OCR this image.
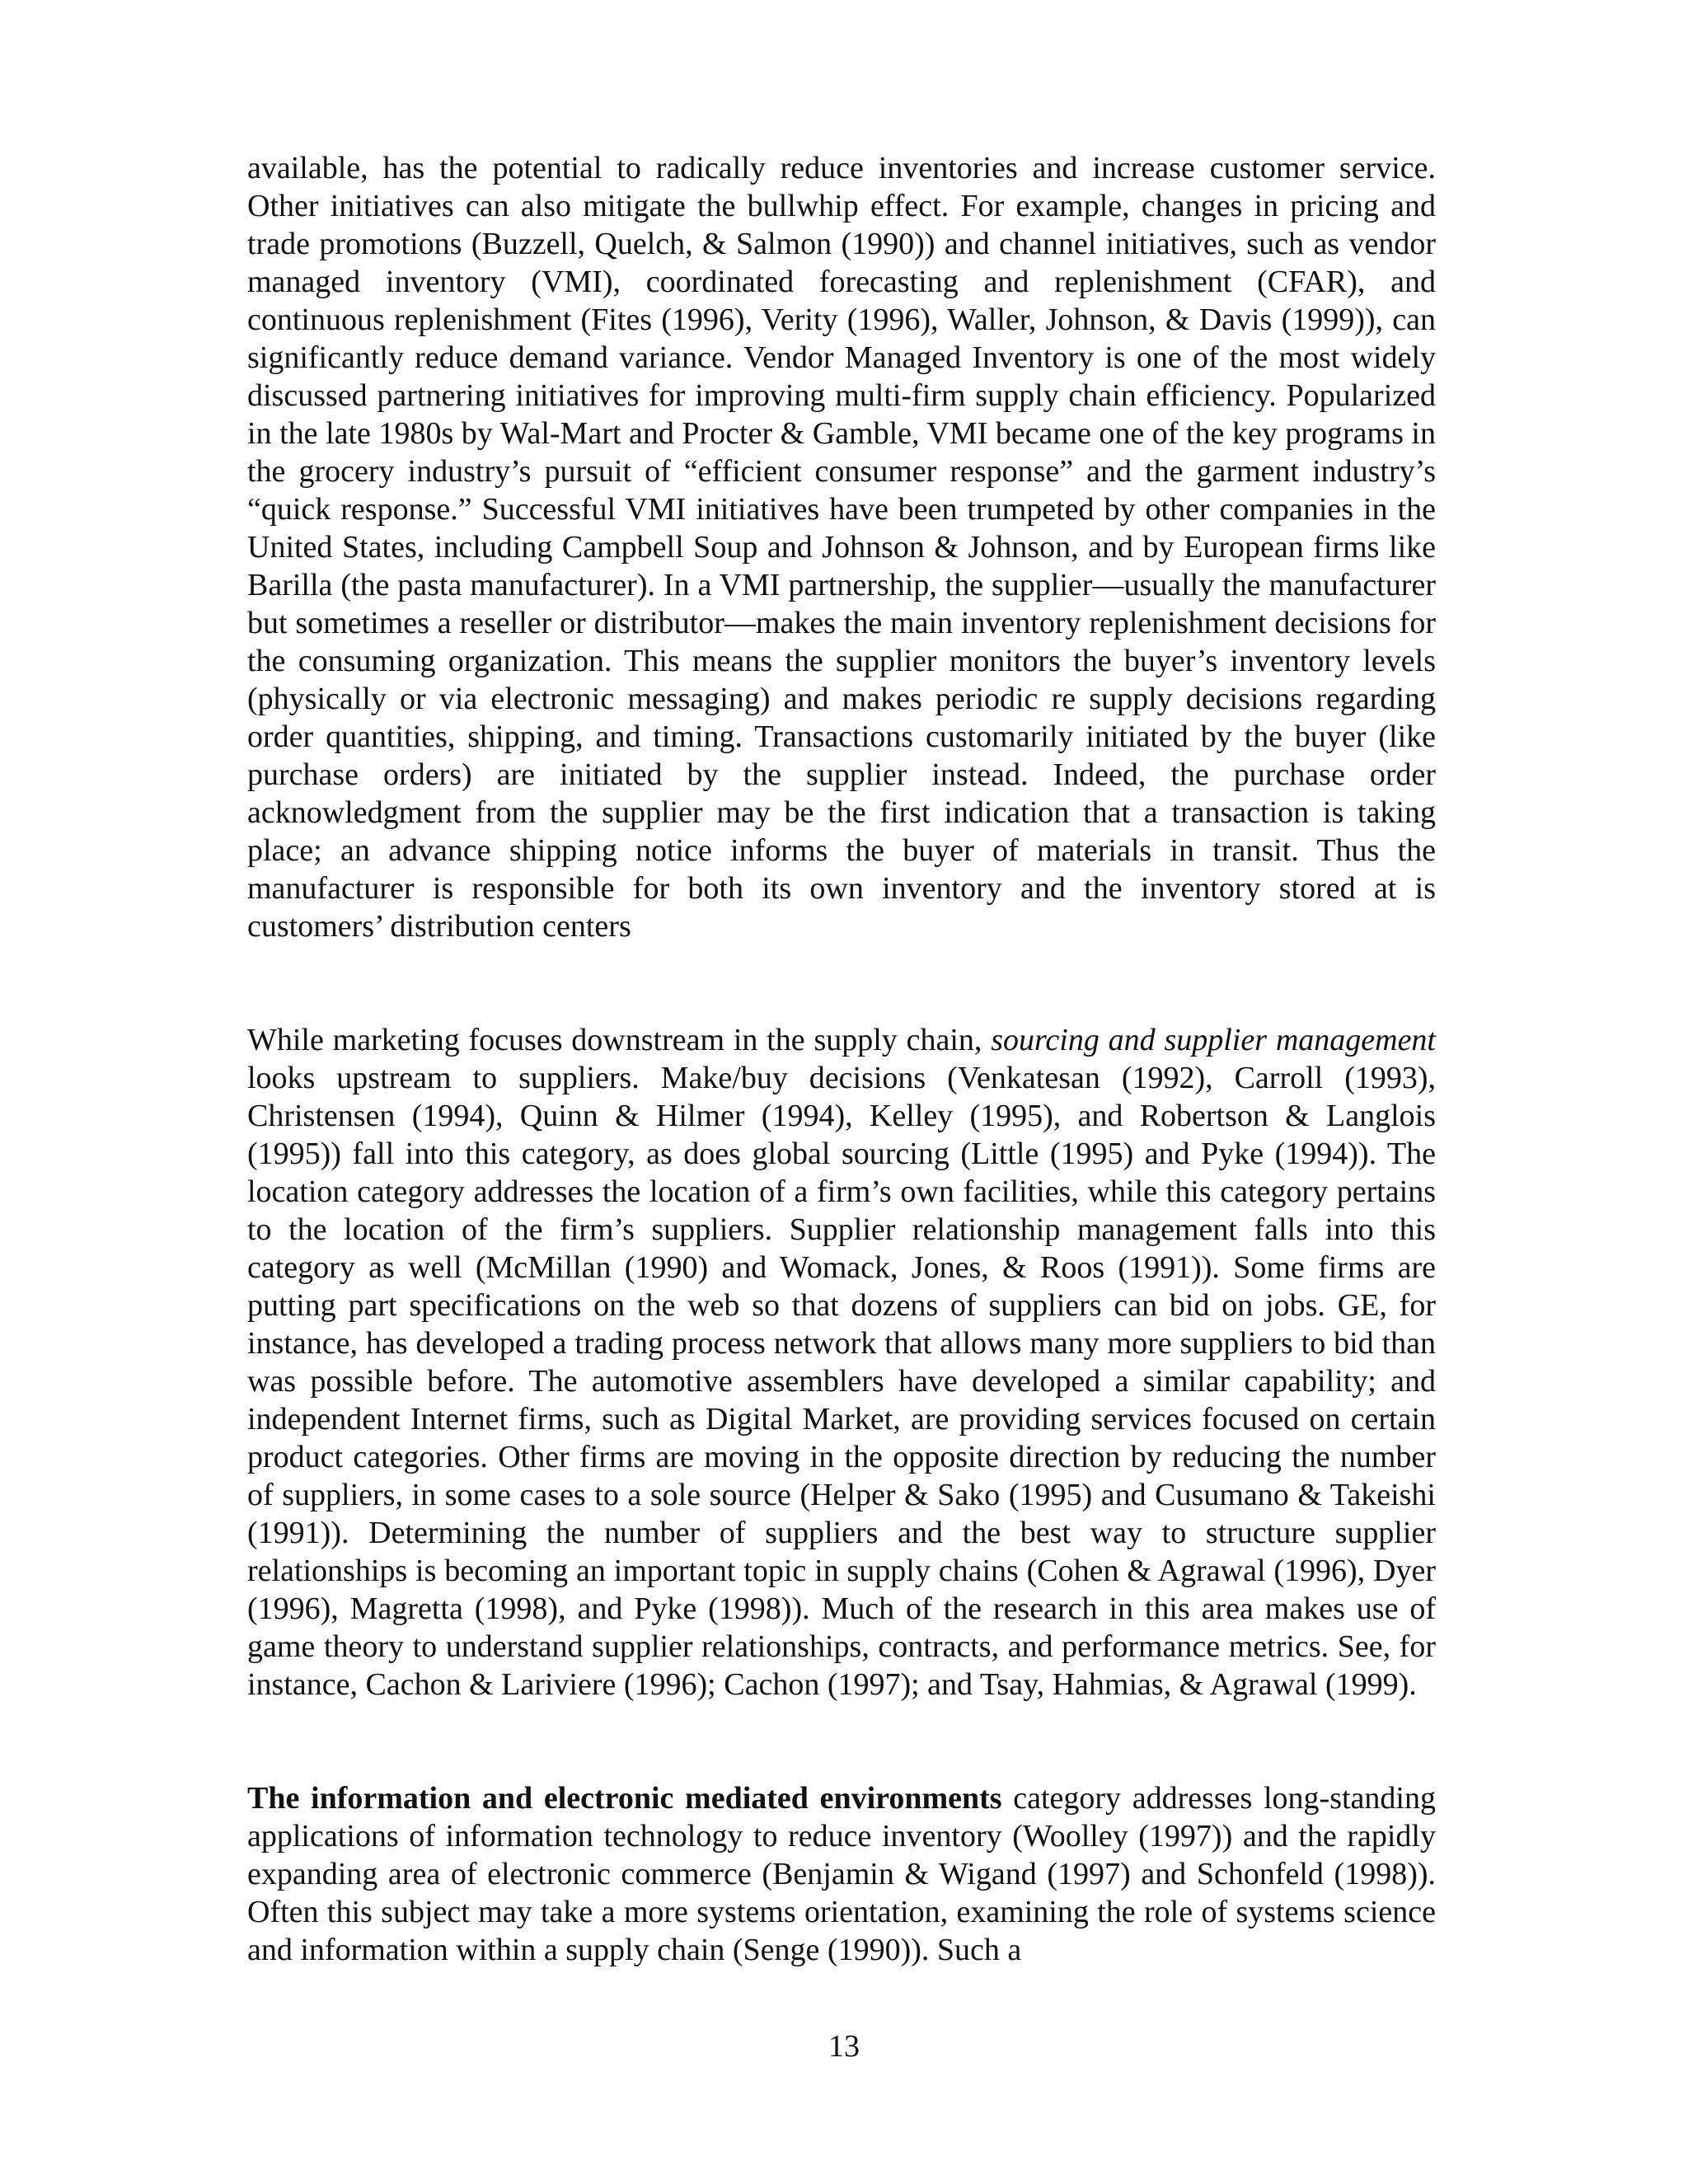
available, has the potential to radically reduce inventories and increase customer service. Other initiatives can also mitigate the bullwhip effect. For example, changes in pricing and trade promotions (Buzzell, Quelch, & Salmon (1990)) and channel initiatives, such as vendor managed inventory (VMI), coordinated forecasting and replenishment (CFAR), and continuous replenishment (Fites (1996), Verity (1996), Waller, Johnson, & Davis (1999)), can significantly reduce demand variance. Vendor Managed Inventory is one of the most widely discussed partnering initiatives for improving multi-firm supply chain efficiency. Popularized in the late 1980s by Wal-Mart and Procter & Gamble, VMI became one of the key programs in the grocery industry’s pursuit of “efficient consumer response” and the garment industry’s “quick response.” Successful VMI initiatives have been trumpeted by other companies in the United States, including Campbell Soup and Johnson & Johnson, and by European firms like Barilla (the pasta manufacturer). In a VMI partnership, the supplier—usually the manufacturer but sometimes a reseller or distributor—makes the main inventory replenishment decisions for the consuming organization. This means the supplier monitors the buyer’s inventory levels (physically or via electronic messaging) and makes periodic re supply decisions regarding order quantities, shipping, and timing. Transactions customarily initiated by the buyer (like purchase orders) are initiated by the supplier instead. Indeed, the purchase order acknowledgment from the supplier may be the first indication that a transaction is taking place; an advance shipping notice informs the buyer of materials in transit. Thus the manufacturer is responsible for both its own inventory and the inventory stored at is customers’ distribution centers

While marketing focuses downstream in the supply chain, sourcing and supplier management looks upstream to suppliers. Make/buy decisions (Venkatesan (1992), Carroll (1993), Christensen (1994), Quinn & Hilmer (1994), Kelley (1995), and Robertson & Langlois (1995)) fall into this category, as does global sourcing (Little (1995) and Pyke (1994)). The location category addresses the location of a firm’s own facilities, while this category pertains to the location of the firm’s suppliers. Supplier relationship management falls into this category as well (McMillan (1990) and Womack, Jones, & Roos (1991)). Some firms are putting part specifications on the web so that dozens of suppliers can bid on jobs. GE, for instance, has developed a trading process network that allows many more suppliers to bid than was possible before. The automotive assemblers have developed a similar capability; and independent Internet firms, such as Digital Market, are providing services focused on certain product categories. Other firms are moving in the opposite direction by reducing the number of suppliers, in some cases to a sole source (Helper & Sako (1995) and Cusumano & Takeishi (1991)). Determining the number of suppliers and the best way to structure supplier relationships is becoming an important topic in supply chains (Cohen & Agrawal (1996), Dyer (1996), Magretta (1998), and Pyke (1998)). Much of the research in this area makes use of game theory to understand supplier relationships, contracts, and performance metrics. See, for instance, Cachon & Lariviere (1996); Cachon (1997); and Tsay, Hahmias, & Agrawal (1999).

The information and electronic mediated environments category addresses long-standing applications of information technology to reduce inventory (Woolley (1997)) and the rapidly expanding area of electronic commerce (Benjamin & Wigand (1997) and Schonfeld (1998)). Often this subject may take a more systems orientation, examining the role of systems science and information within a supply chain (Senge (1990)). Such a

13
